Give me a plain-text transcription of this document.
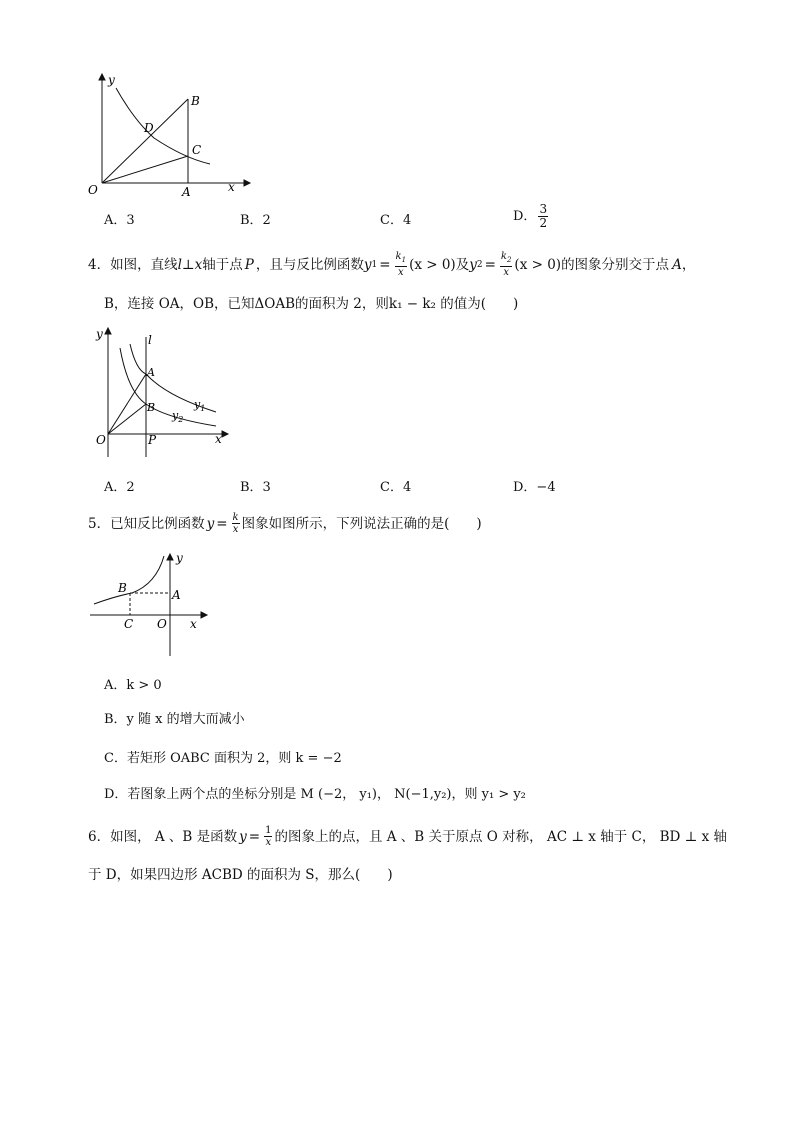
y
x
O	A
B
C
D
A．3	B．2	C．4	D． $\frac{3}{2}$
4．如图，直线 l ⊥ x 轴于点 P ，且与反比例函数 y $1 = \frac{k_1}{x} (x > 0)$ 及 y $2 = \frac{k_2}{x} (x > 0)$ 的图象分别交于点 A ，
B，连接 OA，OB，已知ΔOAB的面积为 2，则k₁ − k₂ 的值为(　　)
y	l
A
B	$y_1$
$y_2$
O	P	x
A．2	B．3	C．4	D．−4
5．已知反比例函数 $y = \frac{k}{x}$ 图象如图所示，下列说法正确的是(　　)
y
B	A
C O x
A．k > 0
B．y 随 x 的增大而减小
C．若矩形 OABC 面积为 2，则 k = −2
D．若图象上两个点的坐标分别是 M (−2， y₁)， N(−1,y₂)，则 y₁ > y₂
6．如图， A 、B 是函数 $y = \frac{1}{x}$ 的图象上的点，且 A 、B 关于原点 O 对称， AC ⊥ x 轴于 C， BD ⊥ x 轴
于 D，如果四边形 ACBD 的面积为 S，那么(　　)
